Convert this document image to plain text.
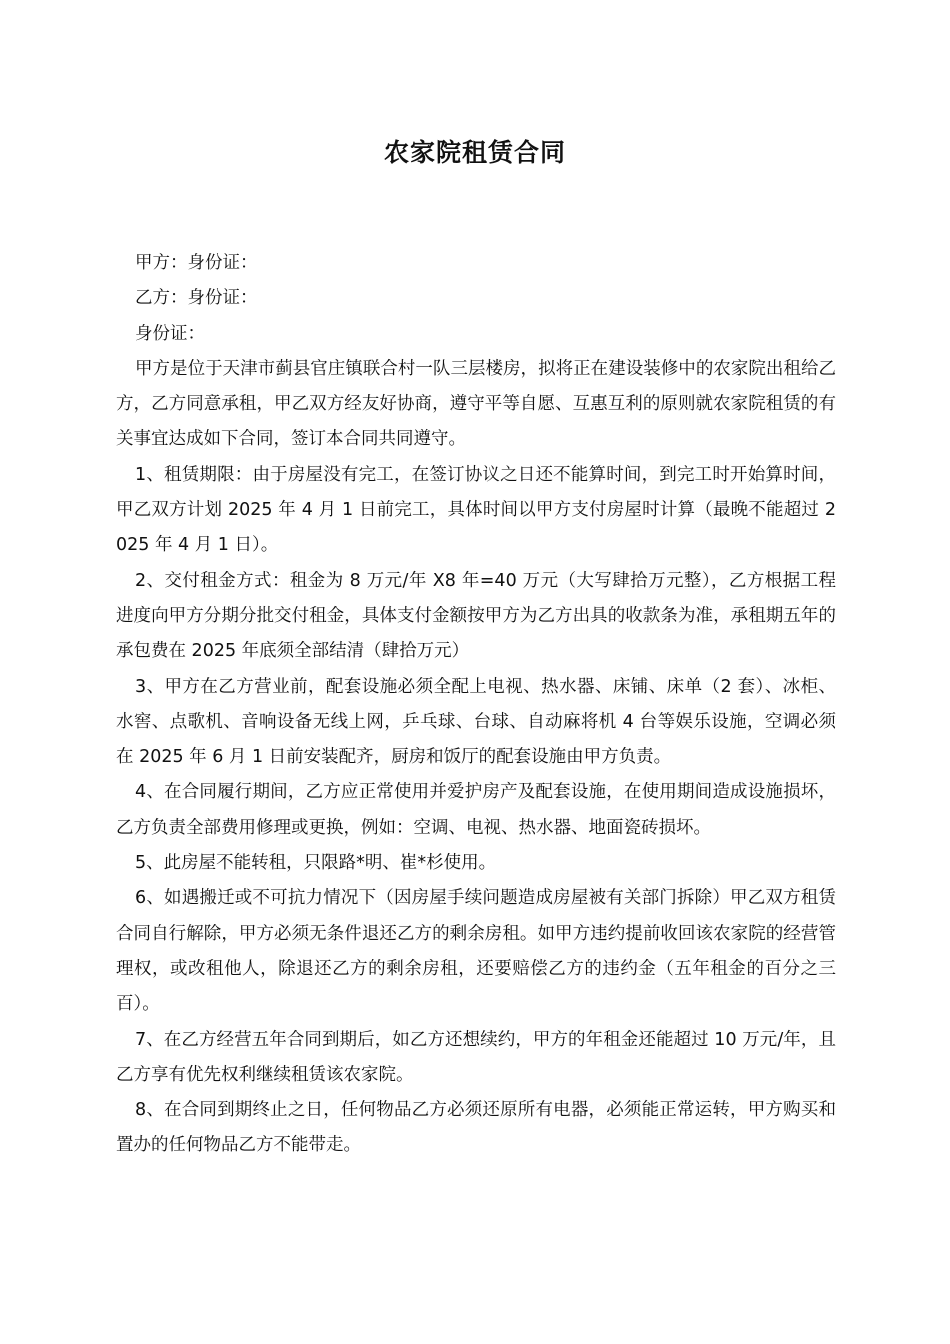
农家院租赁合同

甲方：身份证：

乙方：身份证：

身份证：

甲方是位于天津市蓟县官庄镇联合村一队三层楼房，拟将正在建设装修中的农家院出租给乙方，乙方同意承租，甲乙双方经友好协商，遵守平等自愿、互惠互利的原则就农家院租赁的有关事宜达成如下合同，签订本合同共同遵守。

1、租赁期限：由于房屋没有完工，在签订协议之日还不能算时间，到完工时开始算时间，甲乙双方计划 2025 年 4 月 1 日前完工，具体时间以甲方支付房屋时计算（最晚不能超过 2025 年 4 月 1 日）。

2、交付租金方式：租金为 8 万元/年 X8 年=40 万元（大写肆拾万元整），乙方根据工程进度向甲方分期分批交付租金，具体支付金额按甲方为乙方出具的收款条为准，承租期五年的承包费在 2025 年底须全部结清（肆拾万元）

3、甲方在乙方营业前，配套设施必须全配上电视、热水器、床铺、床单（2 套）、冰柜、水窖、点歌机、音响设备无线上网，乒乓球、台球、自动麻将机 4 台等娱乐设施，空调必须在 2025 年 6 月 1 日前安装配齐，厨房和饭厅的配套设施由甲方负责。

4、在合同履行期间，乙方应正常使用并爱护房产及配套设施，在使用期间造成设施损坏，乙方负责全部费用修理或更换，例如：空调、电视、热水器、地面瓷砖损坏。

5、此房屋不能转租，只限路*明、崔*杉使用。

6、如遇搬迁或不可抗力情况下（因房屋手续问题造成房屋被有关部门拆除）甲乙双方租赁合同自行解除，甲方必须无条件退还乙方的剩余房租。如甲方违约提前收回该农家院的经营管理权，或改租他人，除退还乙方的剩余房租，还要赔偿乙方的违约金（五年租金的百分之三百）。

7、在乙方经营五年合同到期后，如乙方还想续约，甲方的年租金还能超过 10 万元/年，且乙方享有优先权利继续租赁该农家院。

8、在合同到期终止之日，任何物品乙方必须还原所有电器，必须能正常运转，甲方购买和置办的任何物品乙方不能带走。
